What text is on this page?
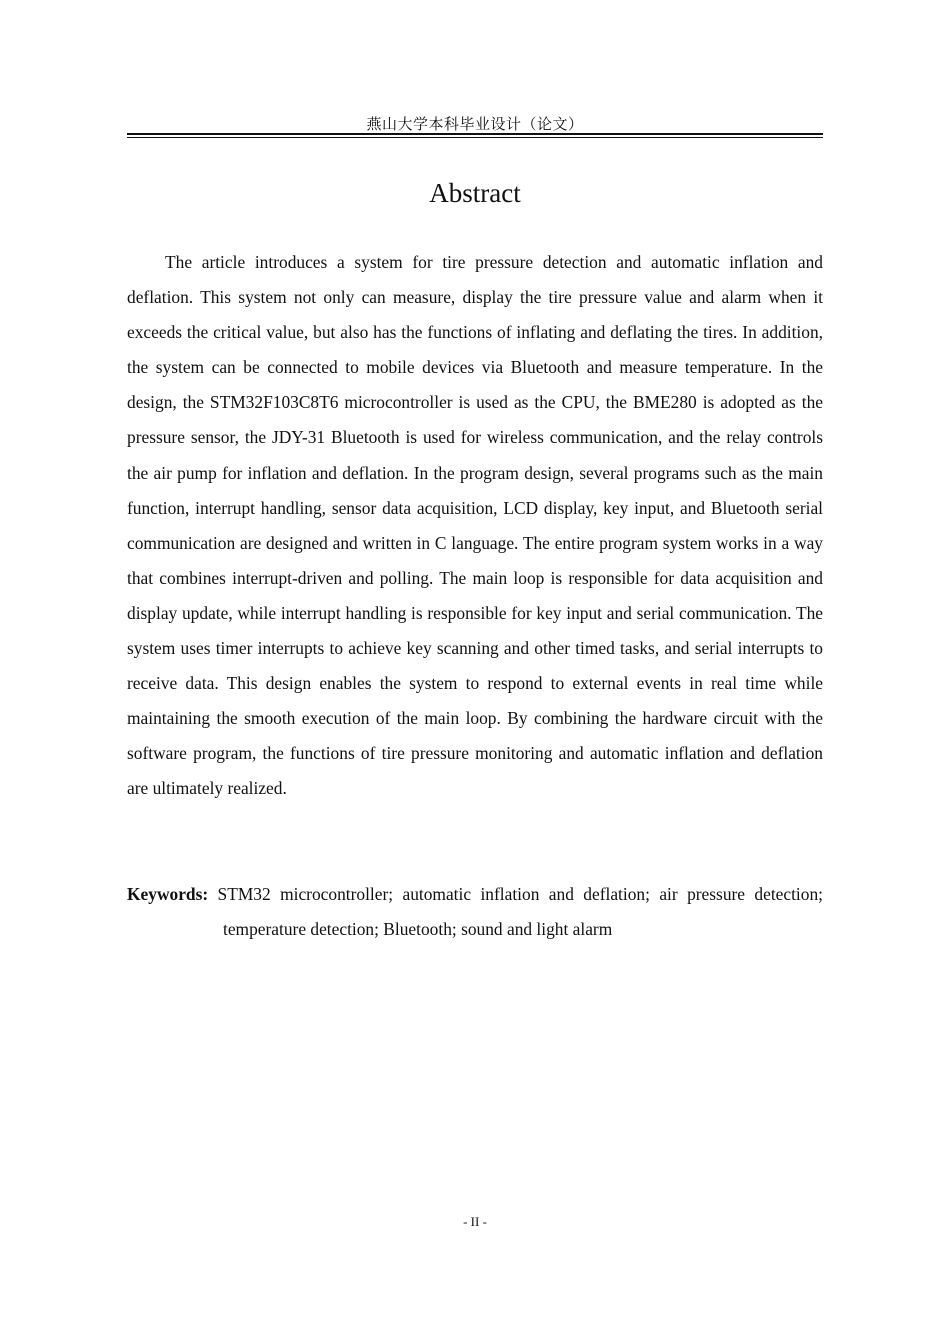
燕山大学本科毕业设计（论文）
Abstract

The article introduces a system for tire pressure detection and automatic inflation and deflation. This system not only can measure, display the tire pressure value and alarm when it exceeds the critical value, but also has the functions of inflating and deflating the tires. In addition, the system can be connected to mobile devices via Bluetooth and measure temperature. In the design, the STM32F103C8T6 microcontroller is used as the CPU, the BME280 is adopted as the pressure sensor, the JDY-31 Bluetooth is used for wireless communication, and the relay controls the air pump for inflation and deflation. In the program design, several programs such as the main function, interrupt handling, sensor data acquisition, LCD display, key input, and Bluetooth serial communication are designed and written in C language. The entire program system works in a way that combines interrupt-driven and polling. The main loop is responsible for data acquisition and display update, while interrupt handling is responsible for key input and serial communication. The system uses timer interrupts to achieve key scanning and other timed tasks, and serial interrupts to receive data. This design enables the system to respond to external events in real time while maintaining the smooth execution of the main loop. By combining the hardware circuit with the software program, the functions of tire pressure monitoring and automatic inflation and deflation are ultimately realized.

Keywords: STM32 microcontroller; automatic inflation and deflation; air pressure detection; temperature detection; Bluetooth; sound and light alarm
- II -
